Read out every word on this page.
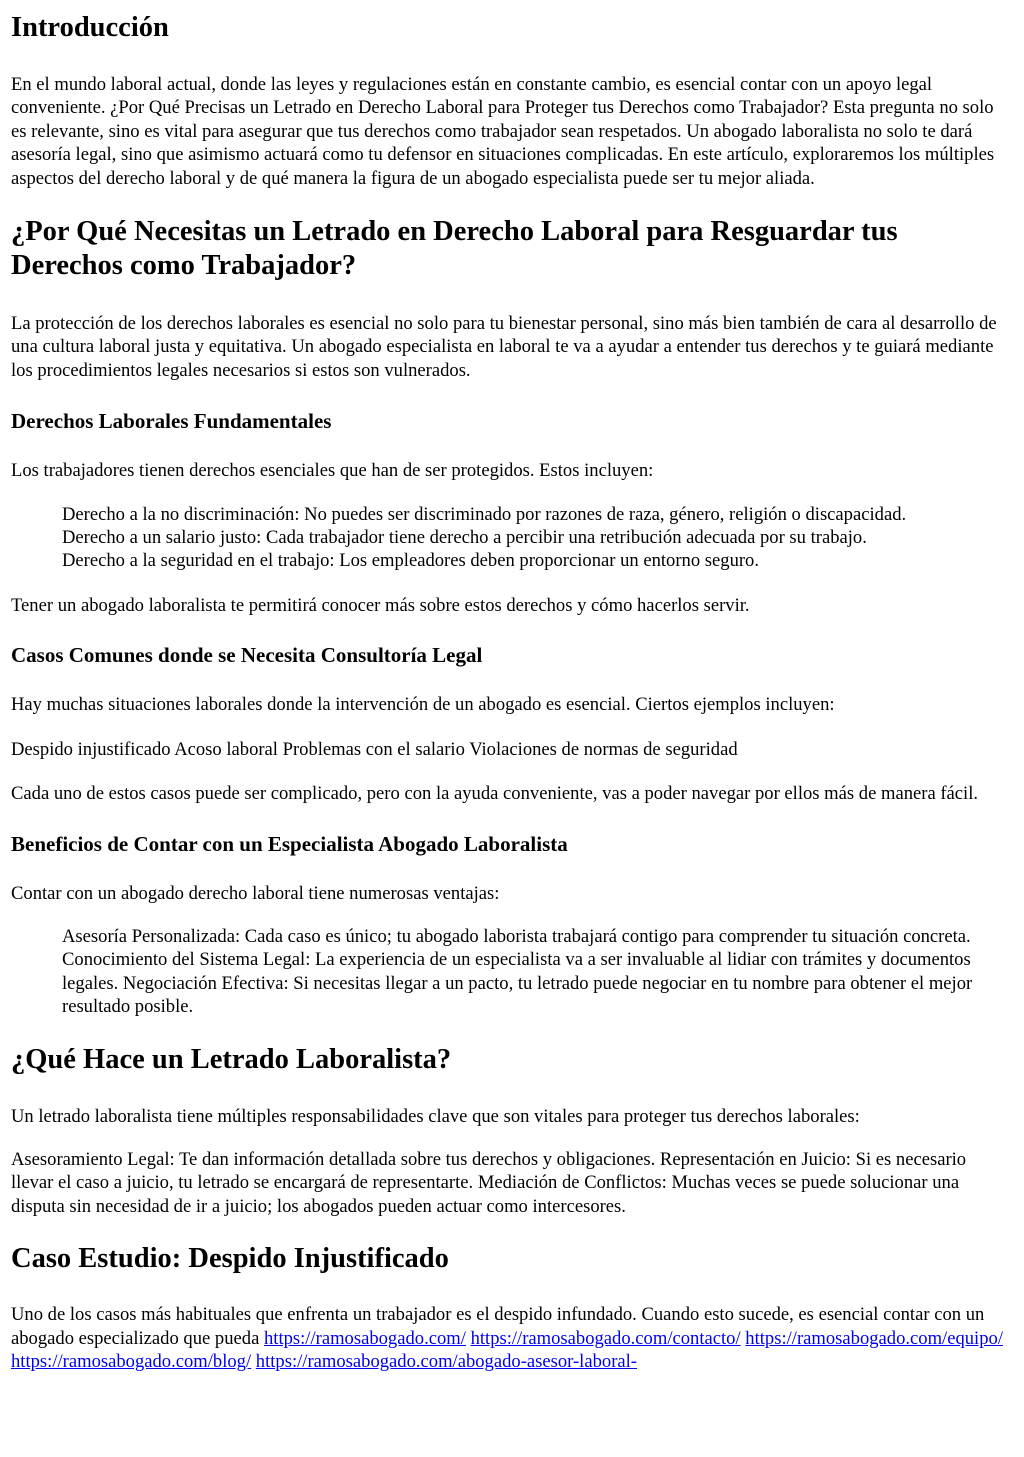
Introducción

En el mundo laboral actual, donde las leyes y regulaciones están en constante cambio, es esencial contar con un apoyo legal conveniente. ¿Por Qué Precisas un Letrado en Derecho Laboral para Proteger tus Derechos como Trabajador? Esta pregunta no solo es relevante, sino es vital para asegurar que tus derechos como trabajador sean respetados. Un abogado laboralista no solo te dará asesoría legal, sino que asimismo actuará como tu defensor en situaciones complicadas. En este artículo, exploraremos los múltiples aspectos del derecho laboral y de qué manera la figura de un abogado especialista puede ser tu mejor aliada.

¿Por Qué Necesitas un Letrado en Derecho Laboral para Resguardar tus Derechos como Trabajador?

La protección de los derechos laborales es esencial no solo para tu bienestar personal, sino más bien también de cara al desarrollo de una cultura laboral justa y equitativa. Un abogado especialista en laboral te va a ayudar a entender tus derechos y te guiará mediante los procedimientos legales necesarios si estos son vulnerados.

Derechos Laborales Fundamentales

Los trabajadores tienen derechos esenciales que han de ser protegidos. Estos incluyen:

Derecho a la no discriminación: No puedes ser discriminado por razones de raza, género, religión o discapacidad.
Derecho a un salario justo: Cada trabajador tiene derecho a percibir una retribución adecuada por su trabajo.
Derecho a la seguridad en el trabajo: Los empleadores deben proporcionar un entorno seguro.

Tener un abogado laboralista te permitirá conocer más sobre estos derechos y cómo hacerlos servir.

Casos Comunes donde se Necesita Consultoría Legal

Hay muchas situaciones laborales donde la intervención de un abogado es esencial. Ciertos ejemplos incluyen:

Despido injustificado Acoso laboral Problemas con el salario Violaciones de normas de seguridad

Cada uno de estos casos puede ser complicado, pero con la ayuda conveniente, vas a poder navegar por ellos más de manera fácil.

Beneficios de Contar con un Especialista Abogado Laboralista

Contar con un abogado derecho laboral tiene numerosas ventajas:

Asesoría Personalizada: Cada caso es único; tu abogado laborista trabajará contigo para comprender tu situación concreta. Conocimiento del Sistema Legal: La experiencia de un especialista va a ser invaluable al lidiar con trámites y documentos legales. Negociación Efectiva: Si necesitas llegar a un pacto, tu letrado puede negociar en tu nombre para obtener el mejor resultado posible.
¿Qué Hace un Letrado Laboralista?

Un letrado laboralista tiene múltiples responsabilidades clave que son vitales para proteger tus derechos laborales:

Asesoramiento Legal: Te dan información detallada sobre tus derechos y obligaciones. Representación en Juicio: Si es necesario llevar el caso a juicio, tu letrado se encargará de representarte. Mediación de Conflictos: Muchas veces se puede solucionar una disputa sin necesidad de ir a juicio; los abogados pueden actuar como intercesores.

Caso Estudio: Despido Injustificado

Uno de los casos más habituales que enfrenta un trabajador es el despido infundado. Cuando esto sucede, es esencial contar con un abogado especializado que pueda https://ramosabogado.com/ https://ramosabogado.com/contacto/ https://ramosabogado.com/equipo/ https://ramosabogado.com/blog/ https://ramosabogado.com/abogado-asesor-laboral-
